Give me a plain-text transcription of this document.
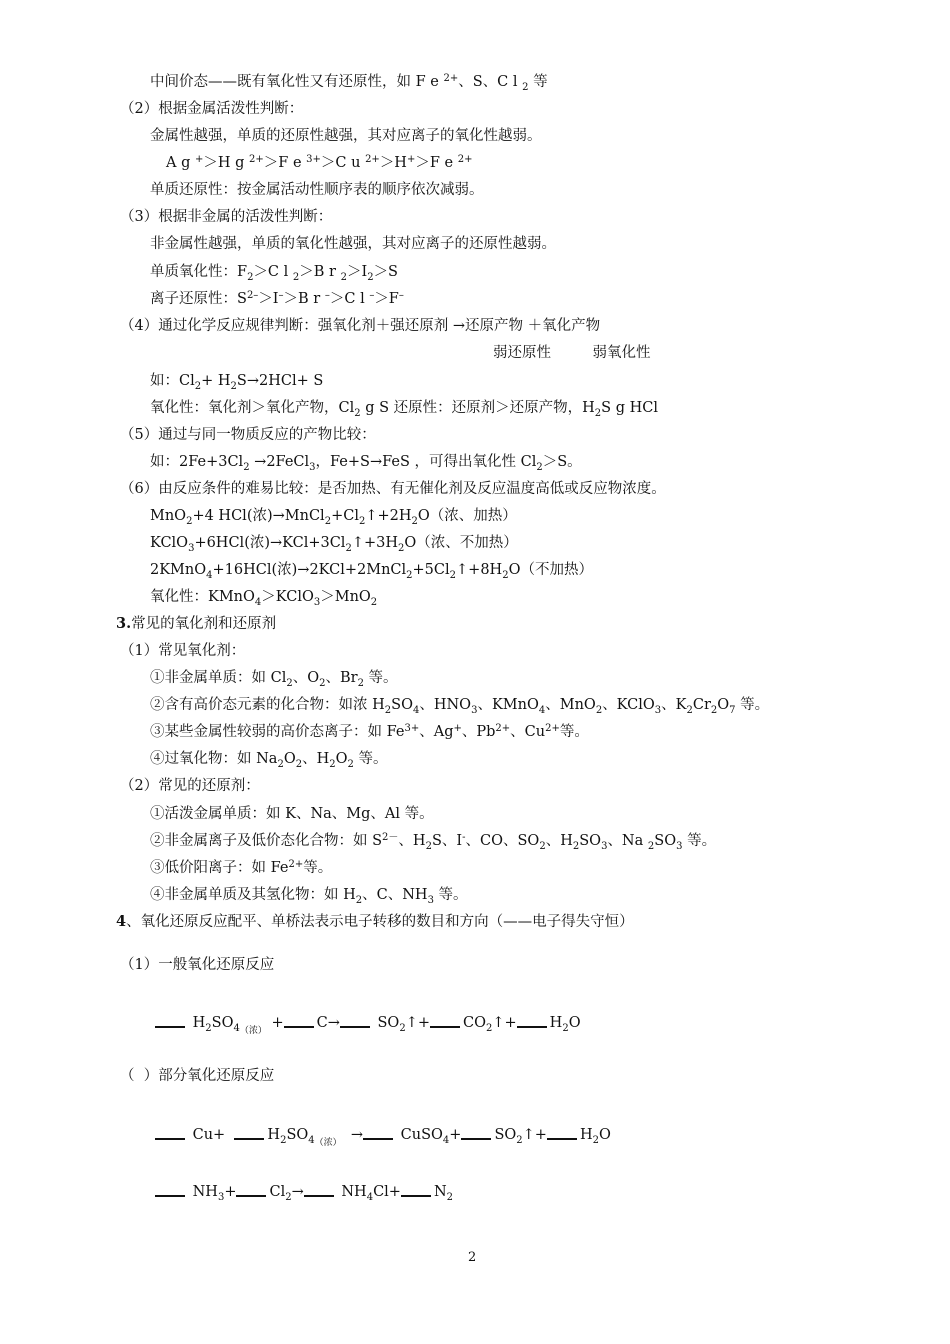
中间价态——既有氧化性又有还原性，如 F e $^{2+}$、S、C l $_2$ 等
（2）根据金属活泼性判断：
金属性越强，单质的还原性越强，其对应离子的氧化性越弱。
A g +＞H g $^{2+}$＞F e $^{3+}$＞C u $^{2+}$＞H+＞F e $^{2+}$
单质还原性：按金属活动性顺序表的顺序依次减弱。
（3）根据非金属的活泼性判断：
非金属性越强，单质的氧化性越强，其对应离子的还原性越弱。
单质氧化性：$F_2>C$ l $_2$＞B r $_2>I_2>S$
离子还原性：$S^{2-}>I^->B$ r –＞C l –＞F–
（4）通过化学反应规律判断：强氧化剂＋强还原剂 →还原产物 ＋氧化产物
弱还原性         弱氧化性
如：$Cl_2+ H_2S\to 2HCl+ S$
氧化性：氧化剂＞氧化产物，$Cl_2$ g S 还原性：还原剂＞还原产物，$H_2S$ g HCl
（5）通过与同一物质反应的产物比较：
如：$2Fe+3Cl_2$ →2FeCl$_3$，Fe+S→FeS ，可得出氧化性 $Cl_2>S$。
（6）由反应条件的难易比较：是否加热、有无催化剂及反应温度高低或反应物浓度。
MnO$_2$+4 HCl(浓)$\to MnCl_2+Cl_2↑+2H_2O$（浓、加热）
KClO$_3$+6HCl(浓)$\to KCl+3Cl_2↑+3H_2O$（浓、不加热）
2KMnO$_4$+16HCl(浓)$\to 2KCl+2MnCl_2+5Cl_2↑+8H_2O$（不加热）
氧化性：KMnO$_4$＞KClO$_3$＞MnO$_2$
3.常见的氧化剂和还原剂
（1）常见氧化剂：
①非金属单质：如 $Cl_2$、$O_2$、$Br_2$ 等。
②含有高价态元素的化合物：如浓 $H_2SO_4$、$HNO_3$、KMnO$_4$、MnO$_2$、KClO$_3$、$K_2Cr_2O_7$ 等。
③某些金属性较弱的高价态离子：如 $Fe^{3+}$、Ag+、$Pb^{2+}$、$Cu^{2+}$等。
④过氧化物：如 $Na_2O_2$、$H_2O_2$ 等。
（2）常见的还原剂：
①活泼金属单质：如 K、Na、Mg、Al 等。
②非金属离子及低价态化合物：如 $S^{2-}$、$H_2S$、I-、CO、$SO_2$、$H_2SO_3$、Na $_2SO_3$ 等。
③低价阳离子：如 $Fe^{2+}$等。
④非金属单质及其氢化物：如 $H_2$、C、$NH_3$ 等。
4、氧化还原反应配平、单桥法表示电子转移的数目和方向（——电子得失守恒）
（1）一般氧化还原反应
$H_2SO_{4(浓)} + C\to$ $SO_2↑+$ $CO_2↑+ H_2O$
（  ）部分氧化还原反应
$Cu+ H_2SO_{4(浓)}$  → CuSO$_4$+ $SO_2↑+ H_2O$
$NH_3+ Cl_2\to NH_4Cl+ N_2$
2
